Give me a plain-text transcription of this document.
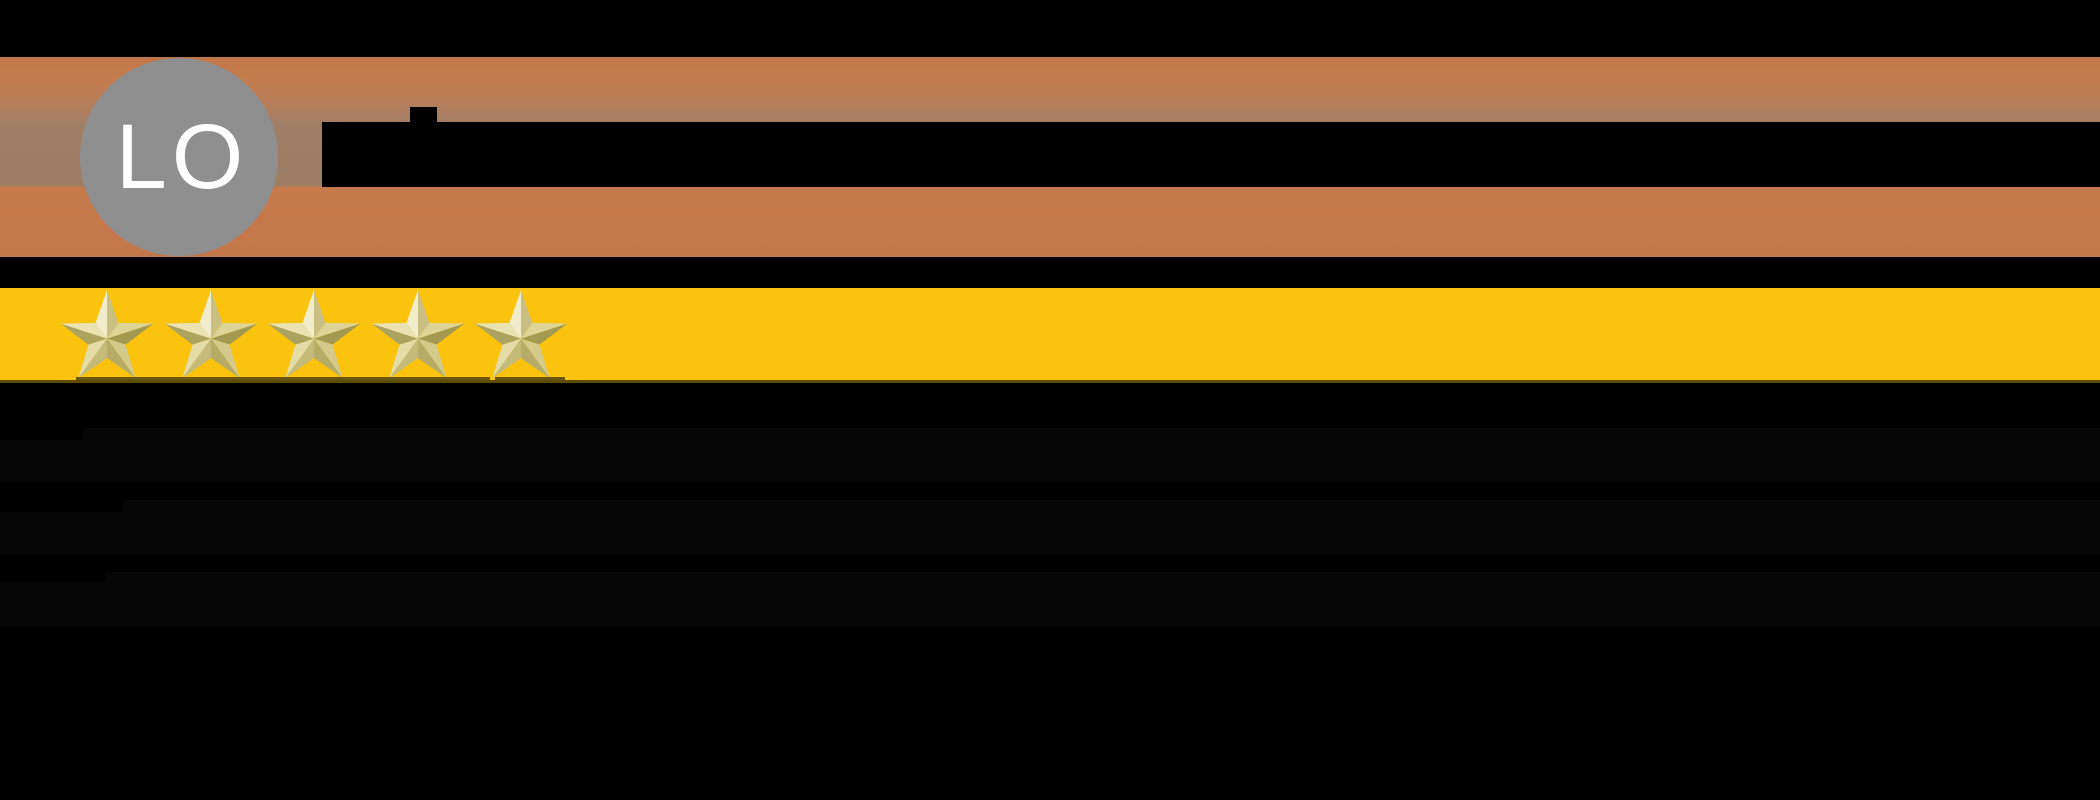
LO
